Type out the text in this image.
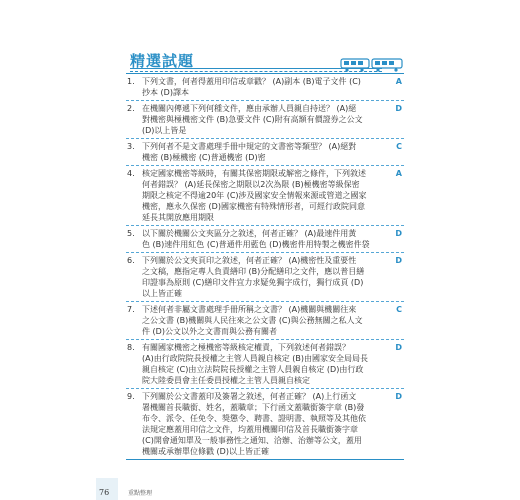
精選試題
1. 下列文書，何者得蓋用印信或章戳？ (A)副本 (B)電子文件 (C)
抄本 (D)譯本
A
2. 在機關內傳遞下列何種文件，應由承辦人員親自持送？ (A)絕
對機密與極機密文件 (B)急要文件 (C)附有高額有價證券之公文
(D)以上皆是
D
3. 下列何者不是文書處理手冊中規定的文書密等類型？ (A)絕對
機密 (B)極機密 (C)普通機密 (D)密
C
4. 核定國家機密等級時，有關其保密期限或解密之條件，下列敘述
何者錯誤？ (A)延長保密之期限以2次為限 (B)極機密等級保密
期限之核定不得逾20年 (C)涉及國家安全情報來源或管道之國家
機密，應永久保密 (D)國家機密有特殊情形者，可經行政院同意
延長其開放應用期限
A
5. 以下關於機關公文夾區分之敘述，何者正確？ (A)最速件用黃
色 (B)速件用紅色 (C)普通件用藍色 (D)機密件用特製之機密件袋
D
6. 下列關於公文夾頁印之敘述，何者正確？ (A)機密性及重要性
之文稿，應指定專人負責繕印 (B)分配繕印之文件，應以普目繕
印證事為原則 (C)繕印文件宜力求疑免獨字成行，獨行成頁 (D)
以上皆正確
D
7. 下述何者非屬文書處理手冊所稱之文書？ (A)機關與機關往來
之公文書 (B)機關與人民往來之公文書 (C)與公務無關之私人文
件 (D)公文以外之文書而與公務有關者
C
8. 有關國家機密之極機密等級核定權責，下列敘述何者錯誤？
(A)由行政院院長授權之主管人員親自核定 (B)由國家安全局局長
親自核定 (C)由立法院院長授權之主管人員親自核定 (D)由行政
院大陸委員會主任委員授權之主管人員親自核定
D
9. 下列關於公文書蓋印及簽署之敘述，何者正確？ (A)上行函文
署機關首長職銜、姓名，蓋職章；下行函文蓋職銜簽字章 (B)發
布令、派令、任免令、獎懲令、聘書、證明書、執照等及其他依
法規定應蓋用印信之文件，均蓋用機關印信及首長職銜簽字章
(C)開會通知單及一般事務性之通知、洽辦、治辦等公文，蓋用
機關或承辦單位條戳 (D)以上皆正確
D
76	重點整理
